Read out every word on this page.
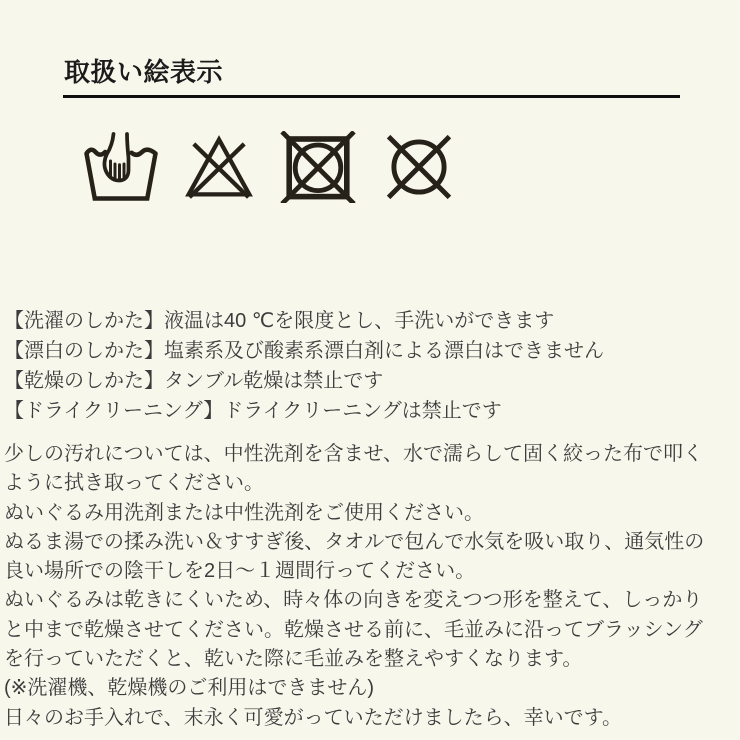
取扱い絵表示
【洗濯のしかた】液温は40 ℃を限度とし、手洗いができます
【漂白のしかた】塩素系及び酸素系漂白剤による漂白はできません
【乾燥のしかた】タンブル乾燥は禁止です
【ドライクリーニング】ドライクリーニングは禁止です
少しの汚れについては、中性洗剤を含ませ、水で濡らして固く絞った布で叩く
ように拭き取ってください。
ぬいぐるみ用洗剤または中性洗剤をご使用ください。
ぬるま湯での揉み洗い＆すすぎ後、タオルで包んで水気を吸い取り、通気性の
良い場所での陰干しを2日～１週間行ってください。
ぬいぐるみは乾きにくいため、時々体の向きを変えつつ形を整えて、しっかり
と中まで乾燥させてください。乾燥させる前に、毛並みに沿ってブラッシング
を行っていただくと、乾いた際に毛並みを整えやすくなります。
(※洗濯機、乾燥機のご利用はできません)
日々のお手入れで、末永く可愛がっていただけましたら、幸いです。
